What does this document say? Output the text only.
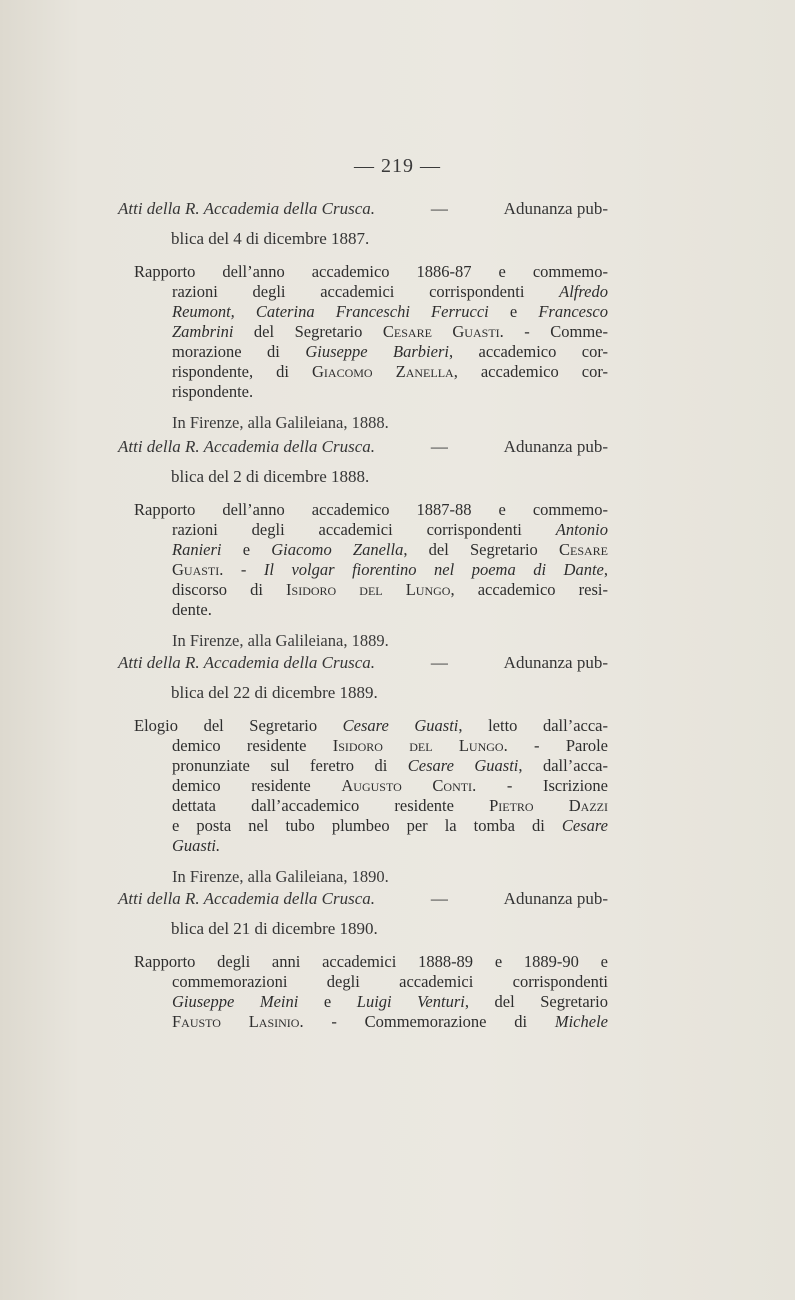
— 219 —
Atti della R. Accademia della Crusca.	—	Adunanza pub-
blica del 4 di dicembre 1887.
Rapporto dell’anno accademico 1886-87 e commemo-
razioni degli accademici corrispondenti Alfredo
Reumont, Caterina Franceschi Ferrucci e Francesco
Zambrini del Segretario Cesare Guasti. - Comme-
morazione di Giuseppe Barbieri, accademico cor-
rispondente, di Giacomo Zanella, accademico cor-
rispondente.
In Firenze, alla Galileiana, 1888.
Atti della R. Accademia della Crusca.	—	Adunanza pub-
blica del 2 di dicembre 1888.
Rapporto dell’anno accademico 1887-88 e commemo-
razioni degli accademici corrispondenti Antonio
Ranieri e Giacomo Zanella, del Segretario Cesare
Guasti. - Il volgar fiorentino nel poema di Dante,
discorso di Isidoro del Lungo, accademico resi-
dente.
In Firenze, alla Galileiana, 1889.
Atti della R. Accademia della Crusca.	—	Adunanza pub-
blica del 22 di dicembre 1889.
Elogio del Segretario Cesare Guasti, letto dall’acca-
demico residente Isidoro del Lungo. - Parole
pronunziate sul feretro di Cesare Guasti, dall’acca-
demico residente Augusto Conti. - Iscrizione
dettata dall’accademico residente Pietro Dazzi
e posta nel tubo plumbeo per la tomba di Cesare
Guasti.
In Firenze, alla Galileiana, 1890.
Atti della R. Accademia della Crusca.	—	Adunanza pub-
blica del 21 di dicembre 1890.
Rapporto degli anni accademici 1888-89 e 1889-90 e
commemorazioni degli accademici corrispondenti
Giuseppe Meini e Luigi Venturi, del Segretario
Fausto Lasinio. - Commemorazione di Michele
